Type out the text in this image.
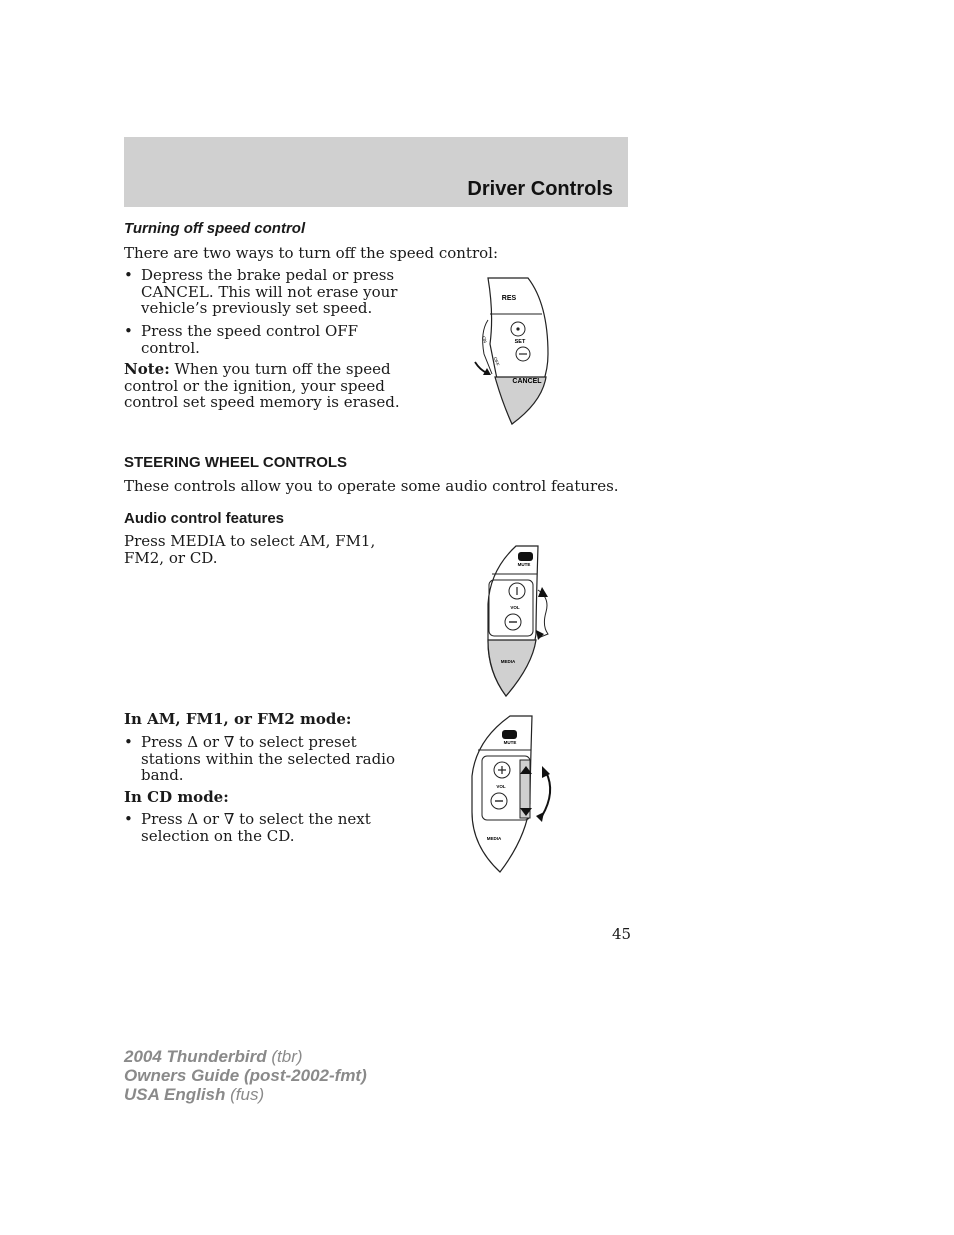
Driver Controls
Turning off speed control
There are two ways to turn off the speed control:
• Depress the brake pedal or press
CANCEL. This will not erase your
vehicle’s previously set speed.
• Press the speed control OFF
control.
Note: When you turn off the speed
control or the ignition, your speed
control set speed memory is erased.
RES
SET
CANCEL
ON
OFF
STEERING WHEEL CONTROLS
These controls allow you to operate some audio control features.
Audio control features
Press MEDIA to select AM, FM1,
FM2, or CD.	MUTE
VOL
MEDIA
In AM, FM1, or FM2 mode:
• Press Δ or ∇ to select preset
stations within the selected radio
band.
In CD mode:
• Press Δ or ∇ to select the next
selection on the CD.
MUTE
VOL
MEDIA
45
2004 Thunderbird (tbr)
Owners Guide (post-2002-fmt)
USA English (fus)
